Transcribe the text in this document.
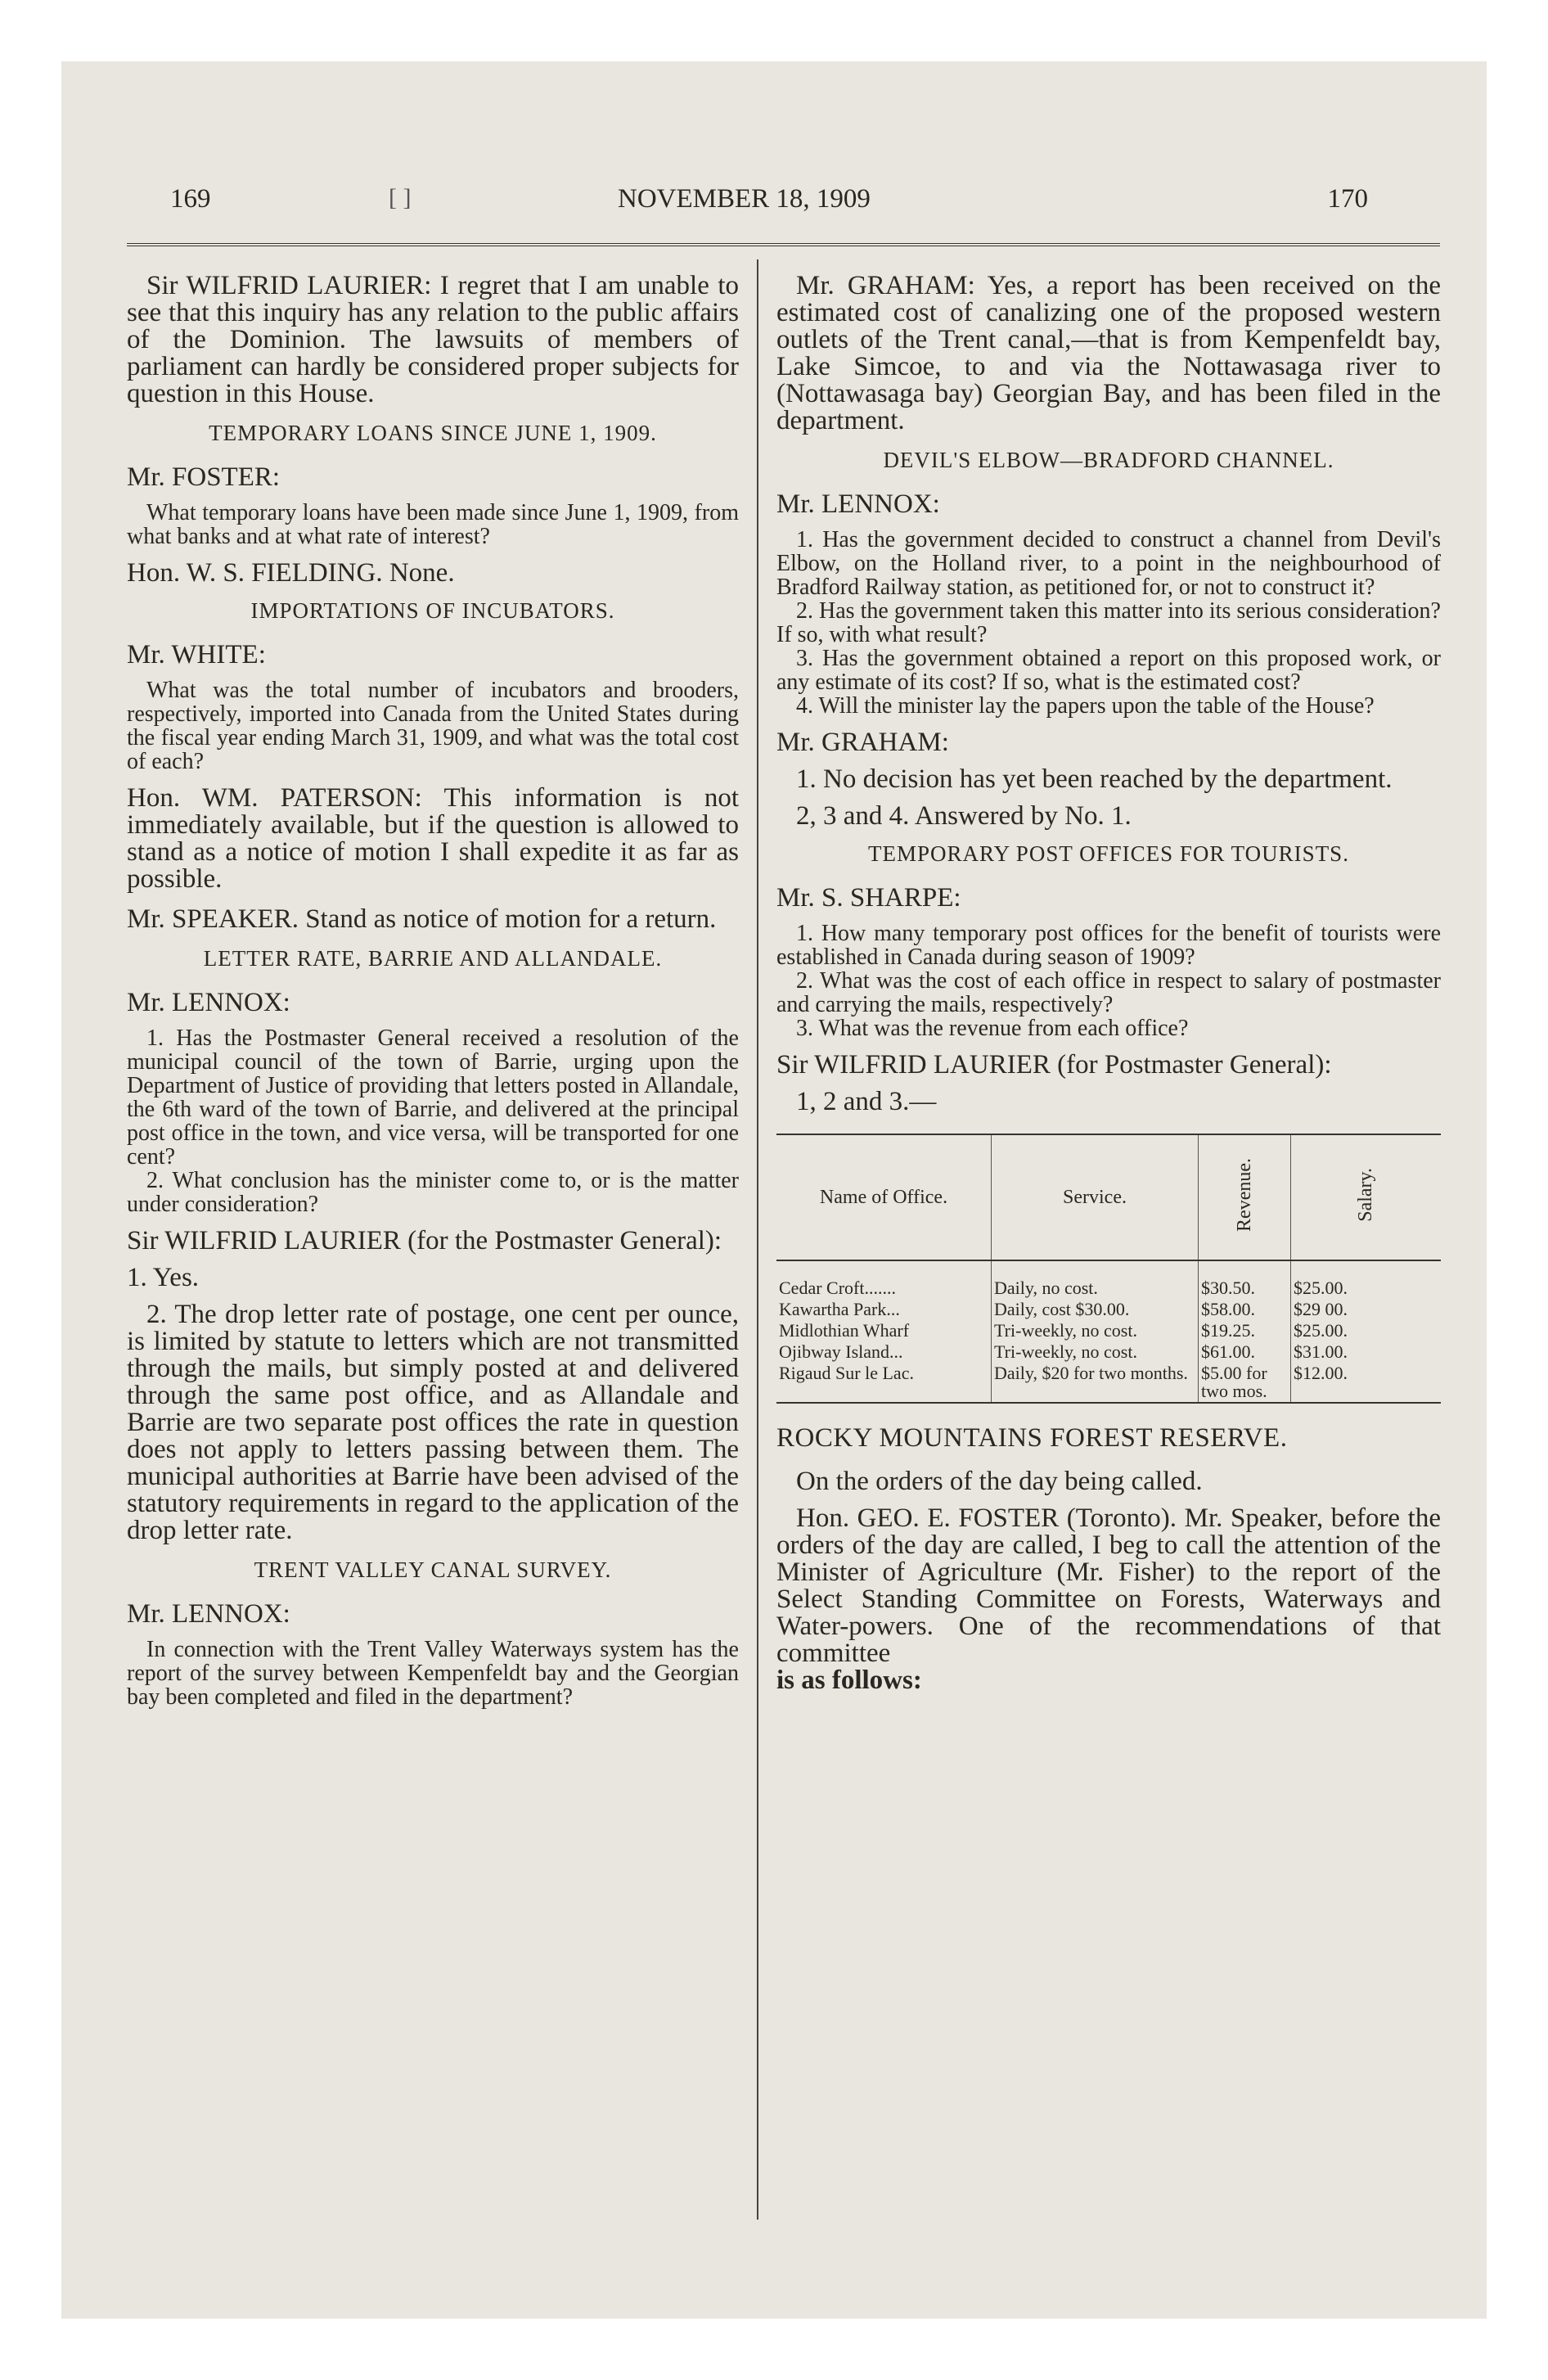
169	[ ]	NOVEMBER 18, 1909	170
Sir WILFRID LAURIER: I regret that I am unable to see that this inquiry has any relation to the public affairs of the Dominion. The lawsuits of members of parliament can hardly be considered proper subjects for question in this House.
TEMPORARY LOANS SINCE JUNE 1, 1909.
Mr. FOSTER:

What temporary loans have been made since June 1, 1909, from what banks and at what rate of interest?

Hon. W. S. FIELDING. None.
IMPORTATIONS OF INCUBATORS.
Mr. WHITE:

What was the total number of incubators and brooders, respectively, imported into Canada from the United States during the fiscal year ending March 31, 1909, and what was the total cost of each?

Hon. WM. PATERSON: This information is not immediately available, but if the question is allowed to stand as a notice of motion I shall expedite it as far as possible.
Mr. SPEAKER. Stand as notice of motion for a return.
LETTER RATE, BARRIE AND ALLANDALE.
Mr. LENNOX:

1. Has the Postmaster General received a resolution of the municipal council of the town of Barrie, urging upon the Department of Justice of providing that letters posted in Allandale, the 6th ward of the town of Barrie, and delivered at the principal post office in the town, and vice versa, will be transported for one cent?

2. What conclusion has the minister come to, or is the matter under consideration?

Sir WILFRID LAURIER (for the Postmaster General):
1. Yes.
2. The drop letter rate of postage, one cent per ounce, is limited by statute to letters which are not transmitted through the mails, but simply posted at and delivered through the same post office, and as Allandale and Barrie are two separate post offices the rate in question does not apply to letters passing between them. The municipal authorities at Barrie have been advised of the statutory requirements in regard to the application of the drop letter rate.
TRENT VALLEY CANAL SURVEY.
Mr. LENNOX:

In connection with the Trent Valley Waterways system has the report of the survey between Kempenfeldt bay and the Georgian bay been completed and filed in the department?

Mr. GRAHAM: Yes, a report has been received on the estimated cost of canalizing one of the proposed western outlets of the Trent canal,—that is from Kempenfeldt bay, Lake Simcoe, to and via the Nottawasaga river to (Nottawasaga bay) Georgian Bay, and has been filed in the department.
DEVIL'S ELBOW—BRADFORD CHANNEL.
Mr. LENNOX:

1. Has the government decided to construct a channel from Devil's Elbow, on the Holland river, to a point in the neighbourhood of Bradford Railway station, as petitioned for, or not to construct it?

2. Has the government taken this matter into its serious consideration? If so, with what result?

3. Has the government obtained a report on this proposed work, or any estimate of its cost? If so, what is the estimated cost?

4. Will the minister lay the papers upon the table of the House?

Mr. GRAHAM:
1. No decision has yet been reached by the department.
2, 3 and 4. Answered by No. 1.
TEMPORARY POST OFFICES FOR TOURISTS.
Mr. S. SHARPE:

1. How many temporary post offices for the benefit of tourists were established in Canada during season of 1909?

2. What was the cost of each office in respect to salary of postmaster and carrying the mails, respectively?

3. What was the revenue from each office?

Sir WILFRID LAURIER (for Postmaster General):
1, 2 and 3.—
Name of Office.	Service.	Revenue.	Salary.
Cedar Croft.......	Daily, no cost.	$30.50.	$25.00.
Kawartha Park...	Daily, cost $30.00.	$58.00.	$29 00.
Midlothian Wharf	Tri-weekly, no cost.	$19.25.	$25.00.
Ojibway Island...	Tri-weekly, no cost.	$61.00.	$31.00.
Rigaud Sur le Lac.	Daily, $20 for two months.	$5.00 for two mos.	$12.00.
ROCKY MOUNTAINS FOREST RESERVE.
On the orders of the day being called.
Hon. GEO. E. FOSTER (Toronto). Mr. Speaker, before the orders of the day are called, I beg to call the attention of the Minister of Agriculture (Mr. Fisher) to the report of the Select Standing Committee on Forests, Waterways and Water-powers. One of the recommendations of that committee
is as follows:
